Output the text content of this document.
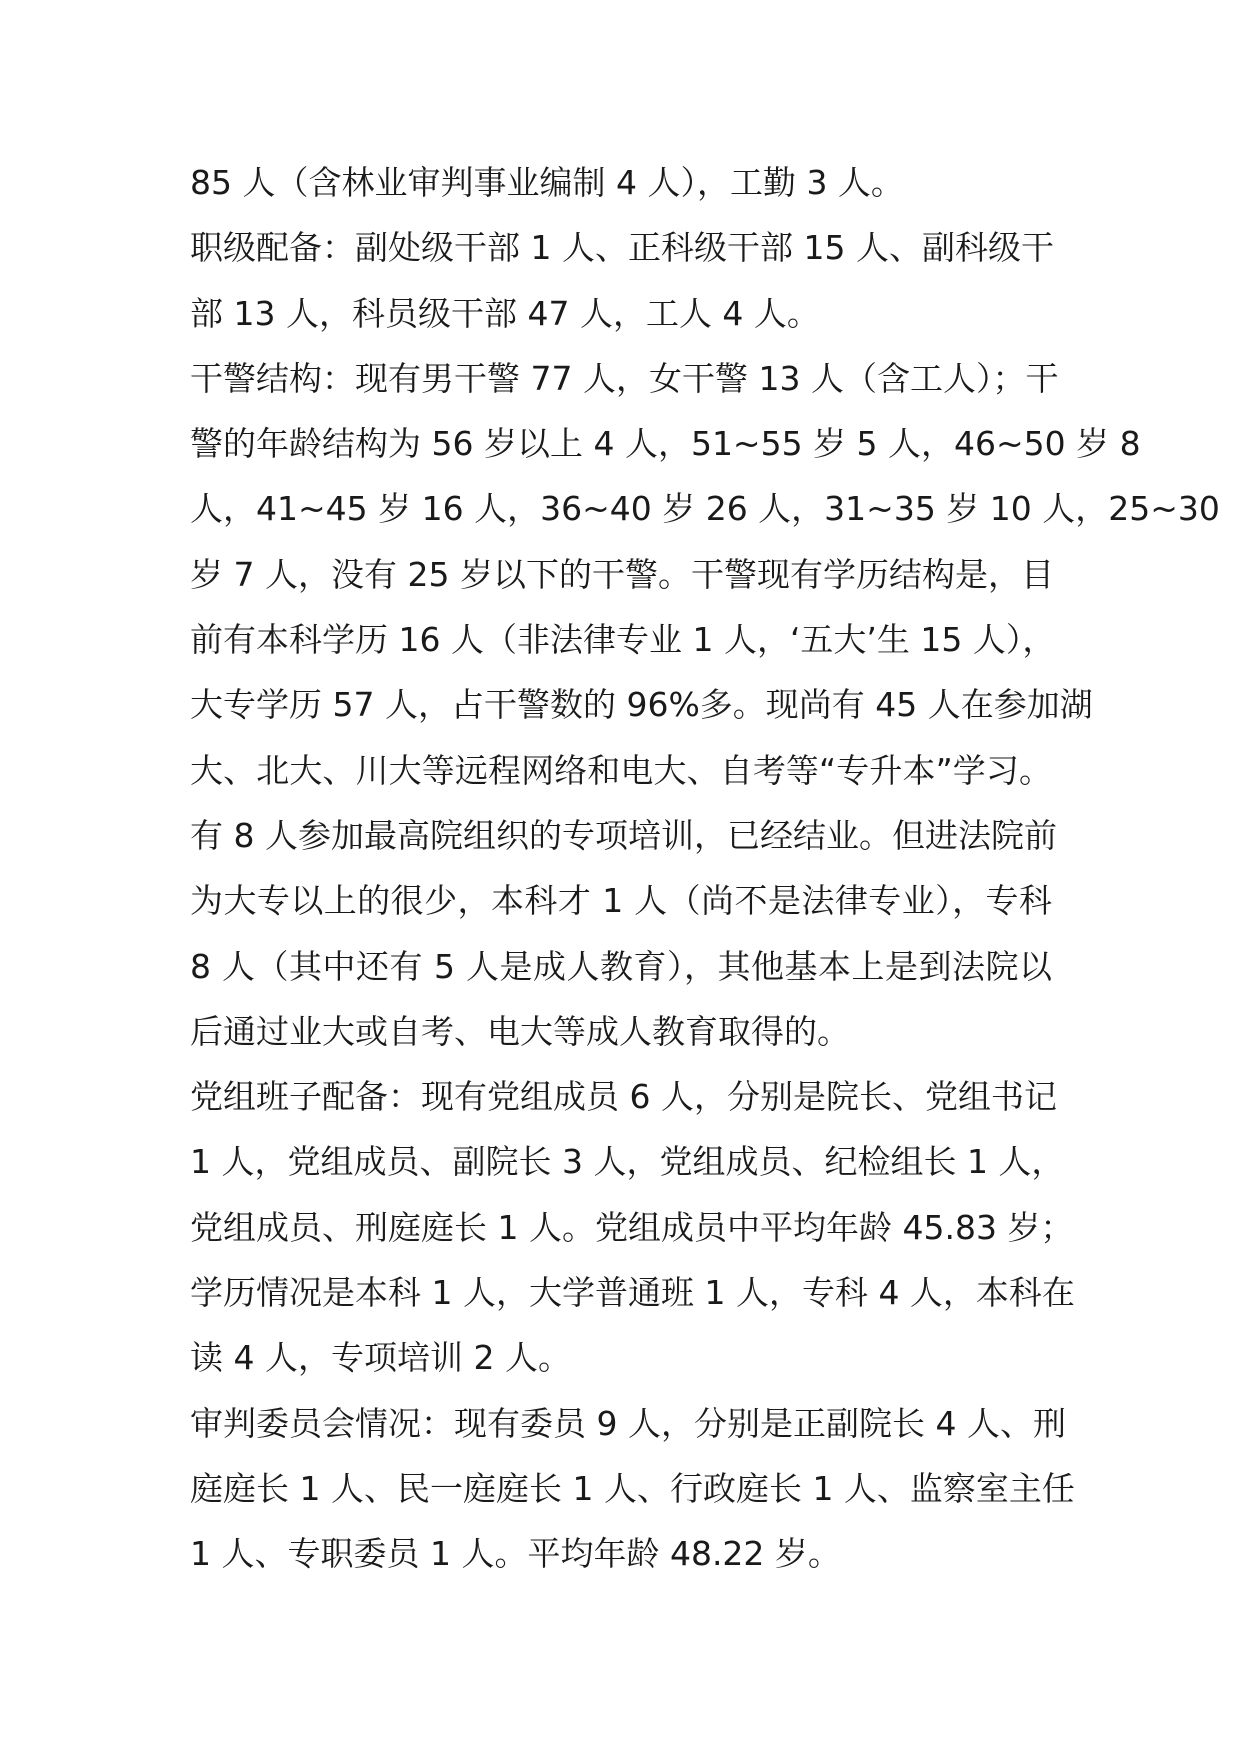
85 人（含林业审判事业编制 4 人），工勤 3 人。
职级配备：副处级干部 1 人、正科级干部 15 人、副科级干
部 13 人，科员级干部 47 人，工人 4 人。
干警结构：现有男干警 77 人，女干警 13 人（含工人）；干
警的年龄结构为 56 岁以上 4 人，51~55 岁 5 人，46~50 岁 8
人，41~45 岁 16 人，36~40 岁 26 人，31~35 岁 10 人，25~30
岁 7 人，没有 25 岁以下的干警。干警现有学历结构是，目
前有本科学历 16 人（非法律专业 1 人，‘五大’生 15 人），
大专学历 57 人，占干警数的 96%多。现尚有 45 人在参加湖
大、北大、川大等远程网络和电大、自考等“专升本”学习。
有 8 人参加最高院组织的专项培训，已经结业。但进法院前
为大专以上的很少，本科才 1 人（尚不是法律专业），专科
8 人（其中还有 5 人是成人教育），其他基本上是到法院以
后通过业大或自考、电大等成人教育取得的。
党组班子配备：现有党组成员 6 人，分别是院长、党组书记
1 人，党组成员、副院长 3 人，党组成员、纪检组长 1 人，
党组成员、刑庭庭长 1 人。党组成员中平均年龄 45.83 岁；
学历情况是本科 1 人，大学普通班 1 人，专科 4 人，本科在
读 4 人，专项培训 2 人。
审判委员会情况：现有委员 9 人，分别是正副院长 4 人、刑
庭庭长 1 人、民一庭庭长 1 人、行政庭长 1 人、监察室主任
1 人、专职委员 1 人。平均年龄 48.22 岁。
